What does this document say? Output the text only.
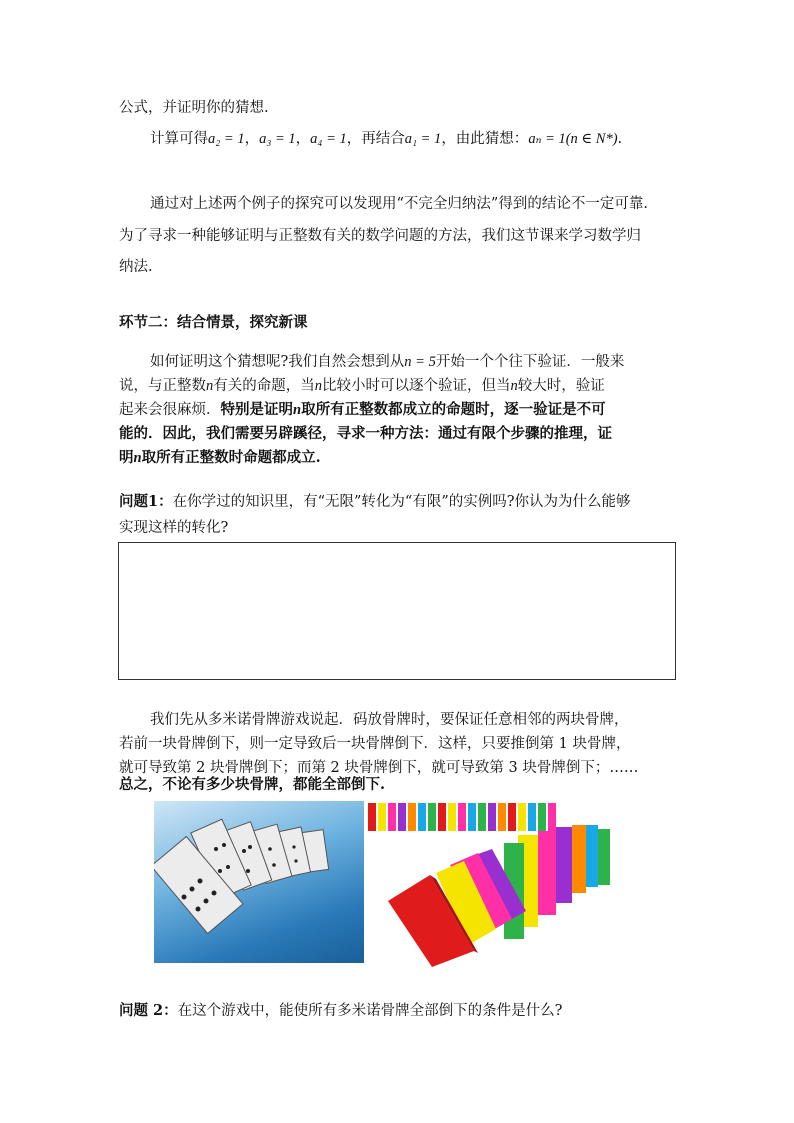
公式，并证明你的猜想.
计算可得a₂ = 1，a₃ = 1，a₄ = 1，再结合a₁ = 1，由此猜想：aₙ = 1(n ∈ N*).
通过对上述两个例子的探究可以发现用“不完全归纳法”得到的结论不一定可靠.
为了寻求一种能够证明与正整数有关的数学问题的方法，我们这节课来学习数学归
纳法.
环节二：结合情景，探究新课
如何证明这个猜想呢?我们自然会想到从n = 5开始一个个往下验证．一般来
说，与正整数n有关的命题，当n比较小时可以逐个验证，但当n较大时，验证
起来会很麻烦．特别是证明n取所有正整数都成立的命题时，逐一验证是不可
能的．因此，我们需要另辟蹊径，寻求一种方法：通过有限个步骤的推理，证
明n取所有正整数时命题都成立.
问题1：在你学过的知识里，有“无限”转化为“有限”的实例吗?你认为为什么能够
实现这样的转化?
我们先从多米诺骨牌游戏说起．码放骨牌时，要保证任意相邻的两块骨牌，
若前一块骨牌倒下，则一定导致后一块骨牌倒下．这样，只要推倒第 1 块骨牌，
就可导致第 2 块骨牌倒下；而第 2 块骨牌倒下，就可导致第 3 块骨牌倒下；……
总之，不论有多少块骨牌，都能全部倒下.
问题 2：在这个游戏中，能使所有多米诺骨牌全部倒下的条件是什么?
